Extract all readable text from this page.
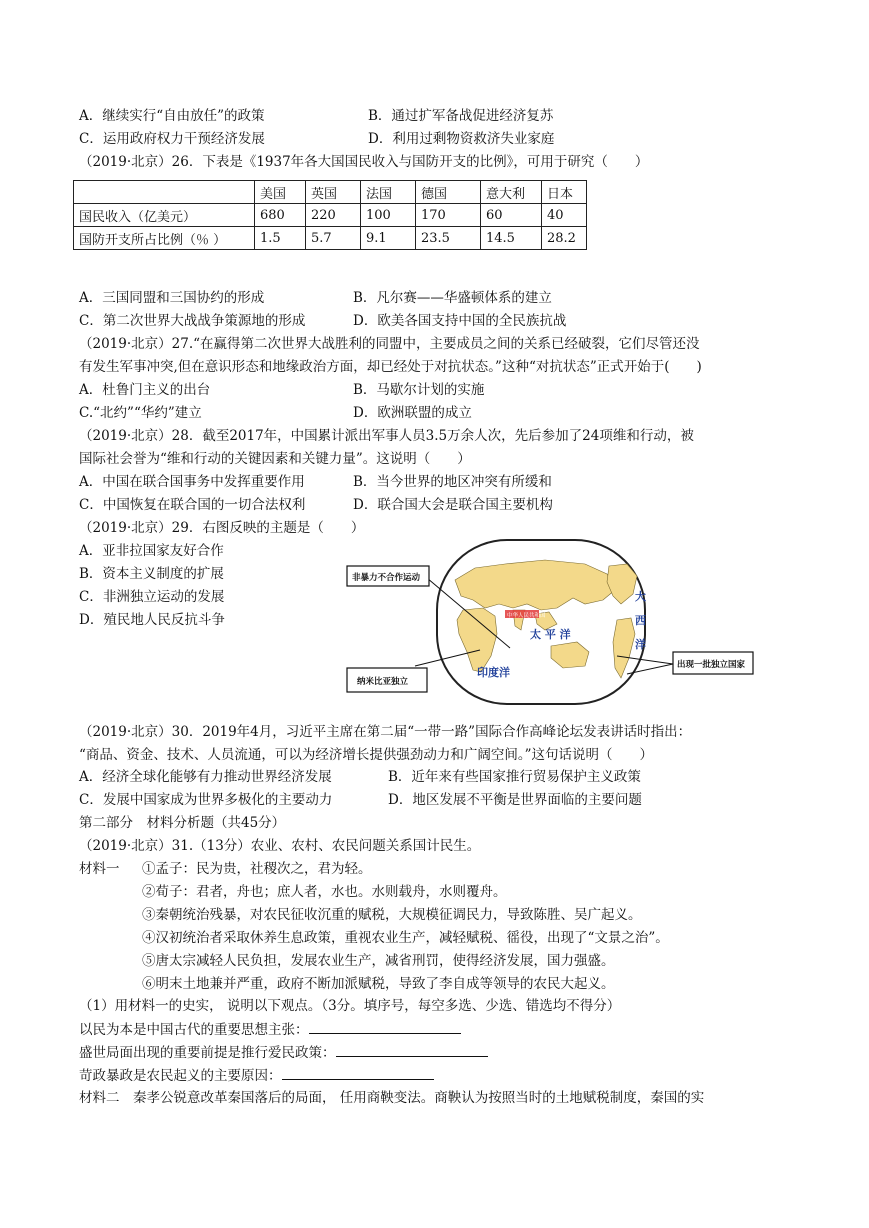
A．继续实行“自由放任”的政策	B．通过扩军备战促进经济复苏
C．运用政府权力干预经济发展	D．利用过剩物资救济失业家庭
（2019·北京）26．下表是《1937年各大国国民收入与国防开支的比例》，可用于研究（　　）
	美国	英国	法国	德国	意大利	日本
国民收入（亿美元）	680	220	100	170	60	40
国防开支所占比例（％ ）	1.5	5.7	9.1	23.5	14.5	28.2
A．三国同盟和三国协约的形成	B．凡尔赛——华盛顿体系的建立
C．第二次世界大战战争策源地的形成	D．欧美各国支持中国的全民族抗战
（2019·北京）27.“在赢得第二次世界大战胜利的同盟中，主要成员之间的关系已经破裂，它们尽管还没
有发生军事冲突,但在意识形态和地缘政治方面，却已经处于对抗状态。”这种“对抗状态”正式开始于(　　)
A．杜鲁门主义的出台	B．马歇尔计划的实施
C.“北约”“华约”建立	D．欧洲联盟的成立
（2019·北京）28．截至2017年，中国累计派出军事人员3.5万余人次，先后参加了24项维和行动，被
国际社会誉为“维和行动的关键因素和关键力量”。这说明（　　）
A．中国在联合国事务中发挥重要作用	B．当今世界的地区冲突有所缓和
C．中国恢复在联合国的一切合法权利	D．联合国大会是联合国主要机构
（2019·北京）29．右图反映的主题是（　　）
A．亚非拉国家友好合作
B．资本主义制度的扩展
C．非洲独立运动的发展
D．殖民地人民反抗斗争	中华人民共和国
太 平 洋
印度洋
大
西
洋
非暴力不合作运动
纳米比亚独立
出现一批独立国家
（2019·北京）30．2019年4月，习近平主席在第二届“一带一路”国际合作高峰论坛发表讲话时指出：
“商品、资金、技术、人员流通，可以为经济增长提供强劲动力和广阔空间。”这句话说明（　　）
A．经济全球化能够有力推动世界经济发展	B．近年来有些国家推行贸易保护主义政策
C．发展中国家成为世界多极化的主要动力	D．地区发展不平衡是世界面临的主要问题
第二部分　材料分析题（共45分）
（2019·北京）31.（13分）农业、农村、农民问题关系国计民生。
材料一 ①孟子：民为贵，社稷次之，君为轻。
②荀子：君者，舟也；庶人者，水也。水则载舟，水则覆舟。
③秦朝统治残暴，对农民征收沉重的赋税，大规模征调民力，导致陈胜、吴广起义。
④汉初统治者采取休养生息政策，重视农业生产，减轻赋税、徭役，出现了“文景之治”。
⑤唐太宗减轻人民负担，发展农业生产，减省刑罚，使得经济发展，国力强盛。
⑥明末土地兼并严重，政府不断加派赋税，导致了李自成等领导的农民大起义。
（1）用材料一的史实， 说明以下观点。（3分。填序号，每空多选、少选、错选均不得分）
以民为本是中国古代的重要思想主张：
盛世局面出现的重要前提是推行爱民政策：
苛政暴政是农民起义的主要原因：
材料二　秦孝公锐意改革秦国落后的局面， 任用商鞅变法。商鞅认为按照当时的土地赋税制度，秦国的实
